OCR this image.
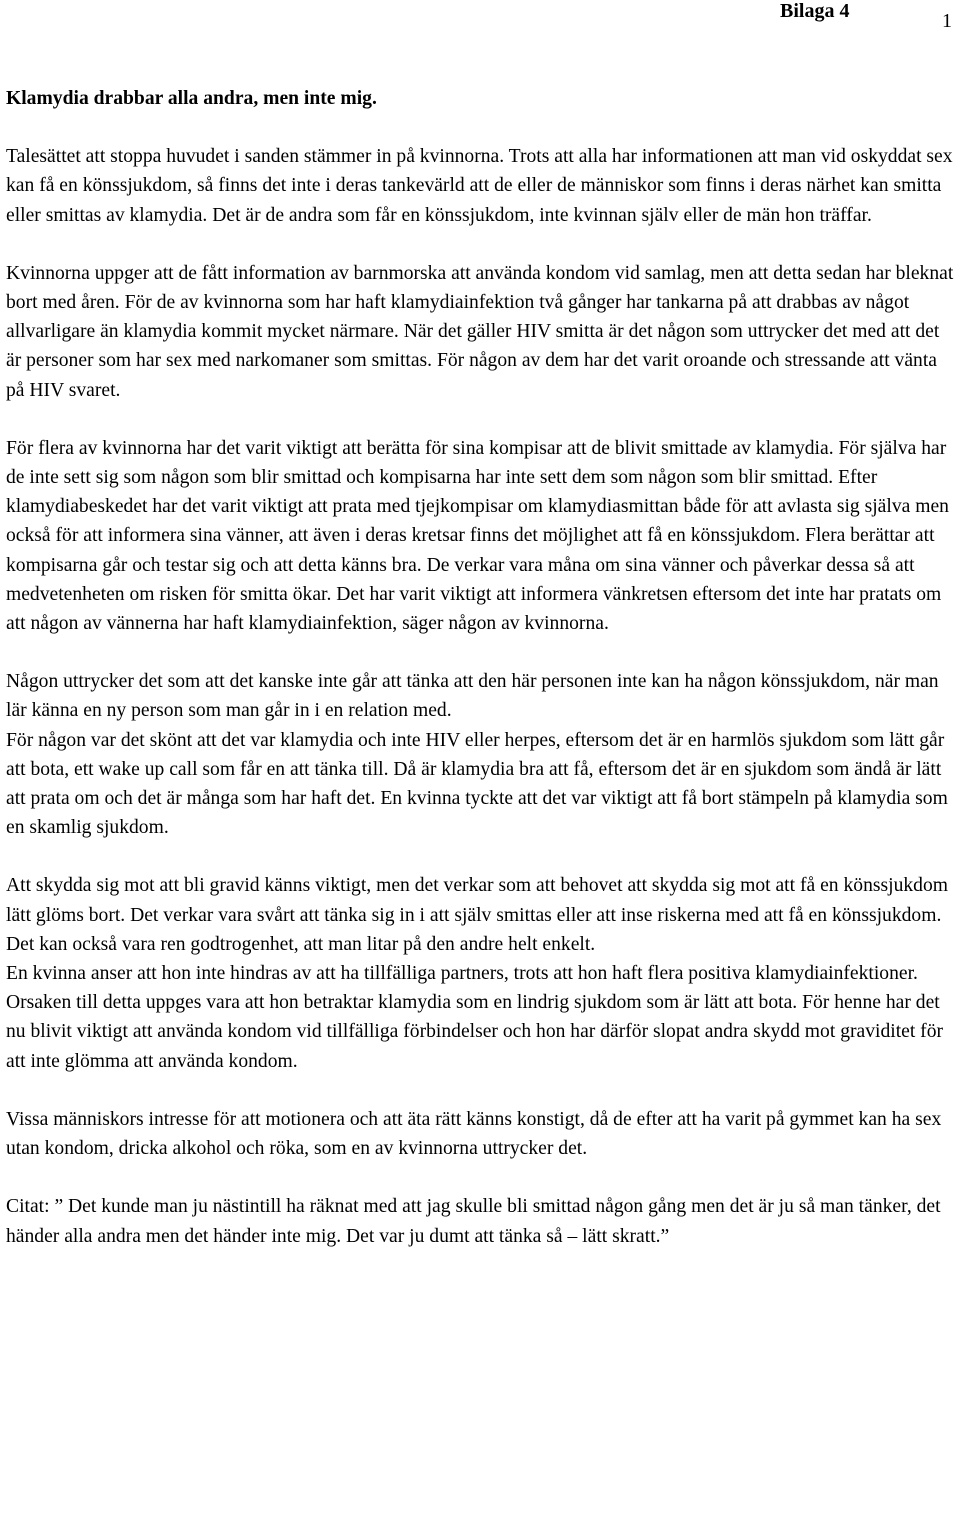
Bilaga 4	1

Klamydia drabbar alla andra, men inte mig.

Talesättet att stoppa huvudet i sanden stämmer in på kvinnorna. Trots att alla har informationen att man vid oskyddat sex kan få en könssjukdom, så finns det inte i deras tankevärld att de eller de människor som finns i deras närhet kan smitta eller smittas av klamydia. Det är de andra som får en könssjukdom, inte kvinnan själv eller de män hon träffar.

Kvinnorna uppger att de fått information av barnmorska att använda kondom vid samlag, men att detta sedan har bleknat bort med åren. För de av kvinnorna som har haft klamydiainfektion två gånger har tankarna på att drabbas av något allvarligare än klamydia kommit mycket närmare. När det gäller HIV smitta är det någon som uttrycker det med att det är personer som har sex med narkomaner som smittas. För någon av dem har det varit oroande och stressande att vänta på HIV svaret.

För flera av kvinnorna har det varit viktigt att berätta för sina kompisar att de blivit smittade av klamydia. För själva har de inte sett sig som någon som blir smittad och kompisarna har inte sett dem som någon som blir smittad. Efter klamydiabeskedet har det varit viktigt att prata med tjejkompisar om klamydiasmittan både för att avlasta sig själva men också för att informera sina vänner, att även i deras kretsar finns det möjlighet att få en könssjukdom. Flera berättar att kompisarna går och testar sig och att detta känns bra. De verkar vara måna om sina vänner och påverkar dessa så att medvetenheten om risken för smitta ökar. Det har varit viktigt att informera vänkretsen eftersom det inte har pratats om att någon av vännerna har haft klamydiainfektion, säger någon av kvinnorna.

Någon uttrycker det som att det kanske inte går att tänka att den här personen inte kan ha någon könssjukdom, när man lär känna en ny person som man går in i en relation med.

För någon var det skönt att det var klamydia och inte HIV eller herpes, eftersom det är en harmlös sjukdom som lätt går att bota, ett wake up call som får en att tänka till. Då är klamydia bra att få, eftersom det är en sjukdom som ändå är lätt att prata om och det är många som har haft det. En kvinna tyckte att det var viktigt att få bort stämpeln på klamydia som en skamlig sjukdom.

Att skydda sig mot att bli gravid känns viktigt, men det verkar som att behovet att skydda sig mot att få en könssjukdom lätt glöms bort. Det verkar vara svårt att tänka sig in i att själv smittas eller att inse riskerna med att få en könssjukdom. Det kan också vara ren godtrogenhet, att man litar på den andre helt enkelt.

En kvinna anser att hon inte hindras av att ha tillfälliga partners, trots att hon haft flera positiva klamydiainfektioner. Orsaken till detta uppges vara att hon betraktar klamydia som en lindrig sjukdom som är lätt att bota. För henne har det nu blivit viktigt att använda kondom vid tillfälliga förbindelser och hon har därför slopat andra skydd mot graviditet för att inte glömma att använda kondom.

Vissa människors intresse för att motionera och att äta rätt känns konstigt, då de efter att ha varit på gymmet kan ha sex utan kondom, dricka alkohol och röka, som en av kvinnorna uttrycker det.

Citat: ” Det kunde man ju nästintill ha räknat med att jag skulle bli smittad någon gång men det är ju så man tänker, det händer alla andra men det händer inte mig. Det var ju dumt att tänka så – lätt skratt.”
